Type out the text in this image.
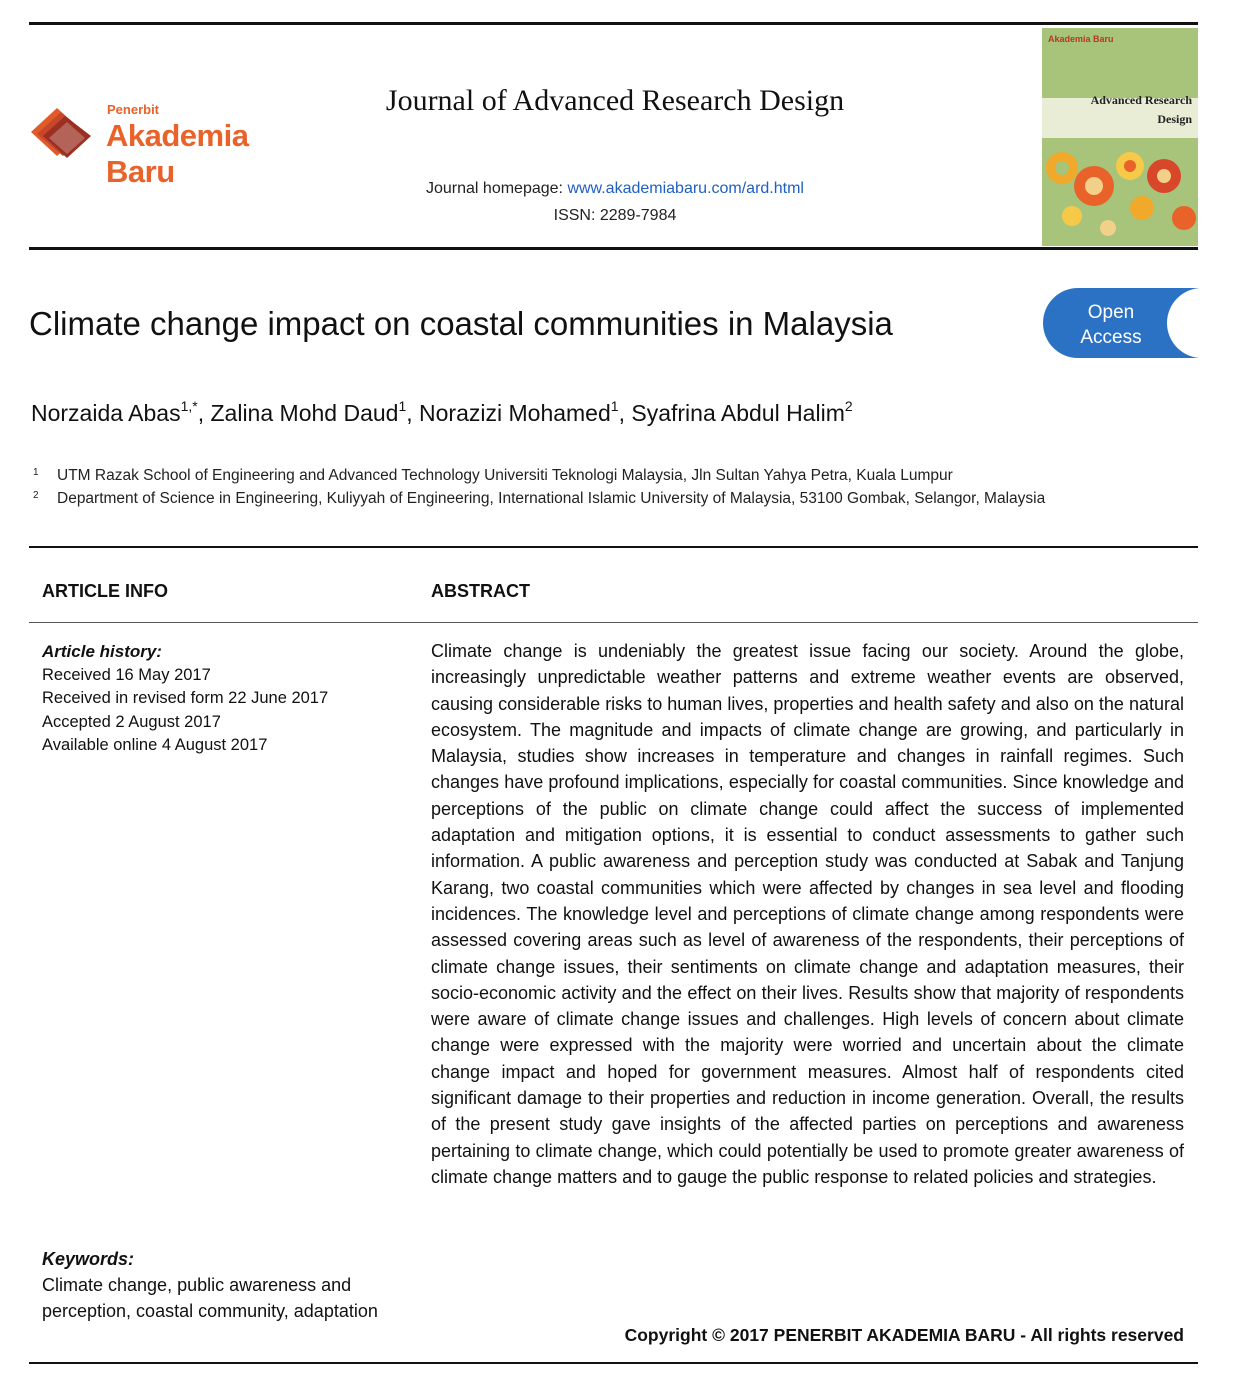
Penerbit
Akademia Baru
Journal of Advanced Research Design
Journal homepage: www.akademiabaru.com/ard.html
ISSN: 2289-7984
Akademia Baru
Advanced Research
Design
Climate change impact on coastal communities in Malaysia	Open
Access
Norzaida Abas$^{1,*}$, Zalina Mohd Daud$^1$, Norazizi Mohamed$^1$, Syafrina Abdul Halim$^2$
1 UTM Razak School of Engineering and Advanced Technology Universiti Teknologi Malaysia, Jln Sultan Yahya Petra, Kuala Lumpur
2 Department of Science in Engineering, Kuliyyah of Engineering, International Islamic University of Malaysia, 53100 Gombak, Selangor, Malaysia
ARTICLE INFO	ABSTRACT
Article history:
Received 16 May 2017
Received in revised form 22 June 2017
Accepted 2 August 2017
Available online 4 August 2017
Climate change is undeniably the greatest issue facing our society. Around the globe, increasingly unpredictable weather patterns and extreme weather events are observed, causing considerable risks to human lives, properties and health safety and also on the natural ecosystem. The magnitude and impacts of climate change are growing, and particularly in Malaysia, studies show increases in temperature and changes in rainfall regimes. Such changes have profound implications, especially for coastal communities. Since knowledge and perceptions of the public on climate change could affect the success of implemented adaptation and mitigation options, it is essential to conduct assessments to gather such information. A public awareness and perception study was conducted at Sabak and Tanjung Karang, two coastal communities which were affected by changes in sea level and flooding incidences. The knowledge level and perceptions of climate change among respondents were assessed covering areas such as level of awareness of the respondents, their perceptions of climate change issues, their sentiments on climate change and adaptation measures, their socio-economic activity and the effect on their lives. Results show that majority of respondents were aware of climate change issues and challenges. High levels of concern about climate change were expressed with the majority were worried and uncertain about the climate change impact and hoped for government measures. Almost half of respondents cited significant damage to their properties and reduction in income generation. Overall, the results of the present study gave insights of the affected parties on perceptions and awareness pertaining to climate change, which could potentially be used to promote greater awareness of climate change matters and to gauge the public response to related policies and strategies.
Keywords:
Climate change, public awareness and perception, coastal community, adaptation
Copyright © 2017 PENERBIT AKADEMIA BARU - All rights reserved
